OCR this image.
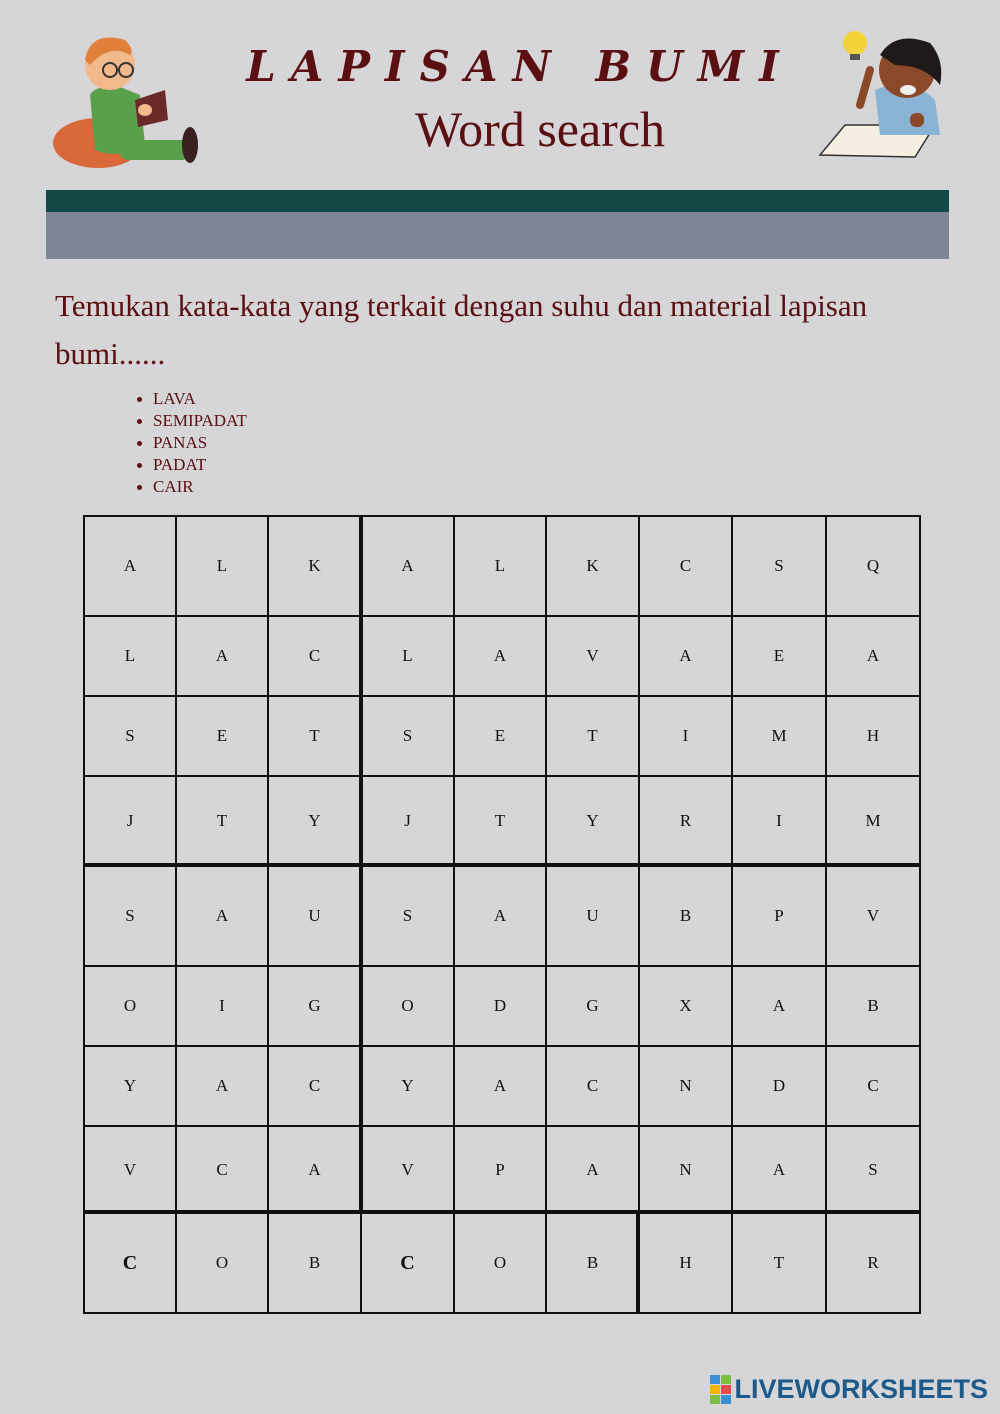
LAPISAN BUMI
Word search
Temukan kata-kata yang terkait dengan suhu dan material lapisan bumi......
LAVA
SEMIPADAT
PANAS
PADAT
CAIR
A	L	K	A	L	K	C	S	Q
L	A	C	L	A	V	A	E	A
S	E	T	S	E	T	I	M	H
J	T	Y	J	T	Y	R	I	M
S	A	U	S	A	U	B	P	V
O	I	G	O	D	G	X	A	B
Y	A	C	Y	A	C	N	D	C
V	C	A	V	P	A	N	A	S
C	O	B	C	O	B	H	T	R
LIVEWORKSHEETS
